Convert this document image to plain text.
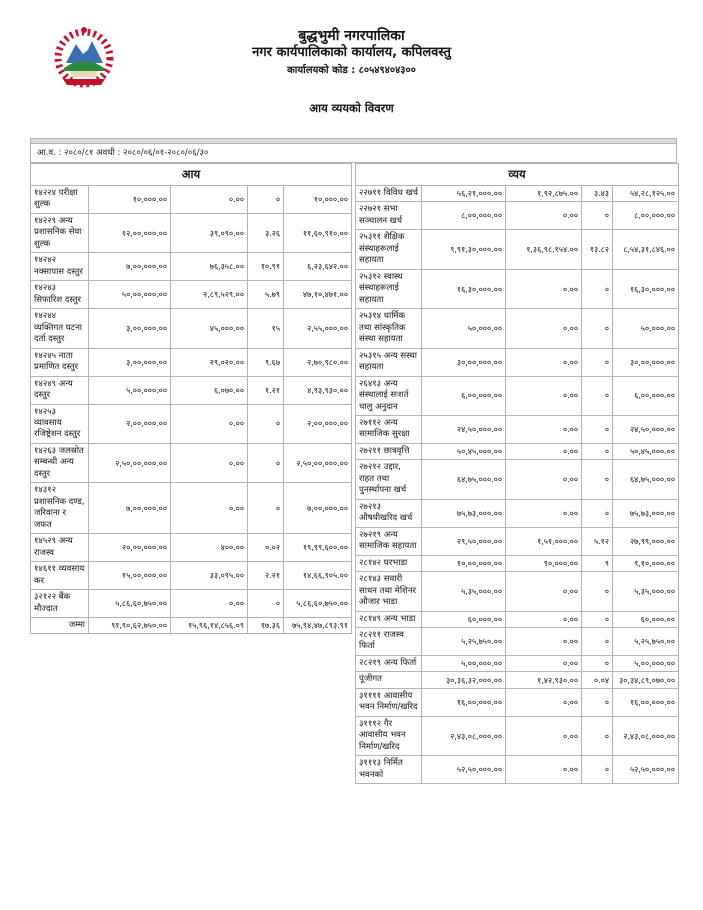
बुद्धभुमी नगरपालिका
नगर कार्यपालिकाको कार्यालय, कपिलवस्तु
कार्यालयको कोड : ८०५४९४०४३००
आय व्ययको विवरण
आ.व. : २०८०/८१ अवधी : २०८०/०६/०१-२०८०/०६/३०
आय				
१४२२४ परीक्षा शुल्क	१०,०००.००	०.००	०	१०,०००.००
१४२२९ अन्य प्रशासनिक सेवा शुल्क	१२,००,०००.००	३९,०९०.००	३.२६	११,६०,९१०.००
१४२४२ नक्सापास दस्तुर	७,००,०००.००	७६,३५८.००	१०.९१	६,२३,६४२.००
१४२४३ सिफारिश दस्तुर	५०,००,०००.००	२,८९,५२९.००	५.७९	४७,१०,४७१.००
१४२४४ व्यक्तिगत घटना दर्ता दस्तुर	३,००,०००.००	४५,०००.००	१५	२,५५,०००.००
१४२४५ नाता प्रमाणित दस्तुर	३,००,०००.००	२९,०२०.००	९.६७	२,७०,९८०.००
१४२४९ अन्य दस्तुर	५,००,०००.००	६,०७०.००	१.२१	४,९३,९३०.००
१४२५३ व्यावसाय रजिष्ट्रेशन दस्तुर	२,००,०००.००	०.००	०	२,००,०००.००
१४२६३ जलस्रोत सम्बन्धी अन्य दस्तुर	२,५०,००,०००.००	०.००	०	२,५०,००,०००.००
१४३१२ प्रशासनिक दण्ड, जरिवाना र जफत	७,००,०००.००	०.००	०	७,००,०००.००
१४५२९ अन्य राजस्व	२०,००,०००.००	४००.००	०.०२	१९,९९,६००.००
१४६११ व्यवसाय कर	१५,००,०००.००	३३,०९५.००	२.२१	१४,६६,९०५.००
३२१२२ बैंक मौज्दात	५,८६,६०,७५०.००	०.००	०	५,८६,६०,७५०.००
जम्मा	९१,९०,६२,७५०.००	१५,९६,१४,८५६.०९	१७.३६	७५,९४,४७,८९३.९१
व्यय				
२२७११ विविध खर्च	५६,२१,०००.००	१,९२,८७५.००	३.४३	५४,२८,१२५.००
२२७२१ सभा सञ्चालन खर्च	८,००,०००.००	०.००	०	८,००,०००.००
२५३११ शैक्षिक संस्थाहरूलाई सहायता	९,९१,३०,०००.००	१,३६,९८,१५४.००	१३.८२	८,५४,३१,८४६.००
२५३१२ स्वास्थ संस्थाहरूलाई सहायता	१६,३०,०००.००	०.००	०	१६,३०,०००.००
२५३१४ धार्मिक तथा सांस्कृतिक संस्था सहायता	५०,०००.००	०.००	०	५०,०००.००
२५३१५ अन्य सस्था सहायता	३०,००,०००.००	०.००	०	३०,००,०००.००
२६४१३ अन्य संस्थालाई सःशर्त चालु अनुदान	६,००,०००.००	०.००	०	६,००,०००.००
२७११२ अन्य सामाजिक सुरक्षा	२४,५०,०००.००	०.००	०	२४,५०,०००.००
२७२११ छात्रवृत्ति	५०,४५,०००.००	०.००	०	५०,४५,०००.००
२७२१२ उद्दार, राहत तथा पुनर्स्थापना खर्च	६४,७५,०००.००	०.००	०	६४,७५,०००.००
२७२१३ औषधीखरिद खर्च	७५,७३,०००.००	०.००	०	७५,७३,०००.००
२७२१९ अन्य सामाजिक सहायता	२९,५०,०००.००	१,५१,०००.००	५.१२	२७,९९,०००.००
२८१४२ घरभाडा	१०,००,०००.००	९०,०००.००	९	९,१०,०००.००
२८१४३ सवारी साधन तथा मेशिनर औजार भाडा	५,३५,०००.००	०.००	०	५,३५,०००.००
२८१४९ अन्य भाडा	६०,०००.००	०.००	०	६०,०००.००
२८२११ राजस्व फिर्ता	५,२५,७५०.००	०.००	०	५,२५,७५०.००
२८२१९ अन्य फिर्ता	५,००,०००.००	०.००	०	५,००,०००.००
पूंजीगत	३०,३६,३२,०००.००	१,४२,९३०.००	०.०४	३०,३४,८९,०७०.००
३११११ आवासीय भवन निर्माण/खरिद	१६,००,०००.००	०.००	०	१६,००,०००.००
३१११२ गैर आवासीय भवन निर्माण/खरिद	२,४३,०८,०००.००	०.००	०	२,४३,०८,०००.००
३१११३ निर्मित भवनको	५२,५०,०००.००	०.००	०	५२,५०,०००.००
